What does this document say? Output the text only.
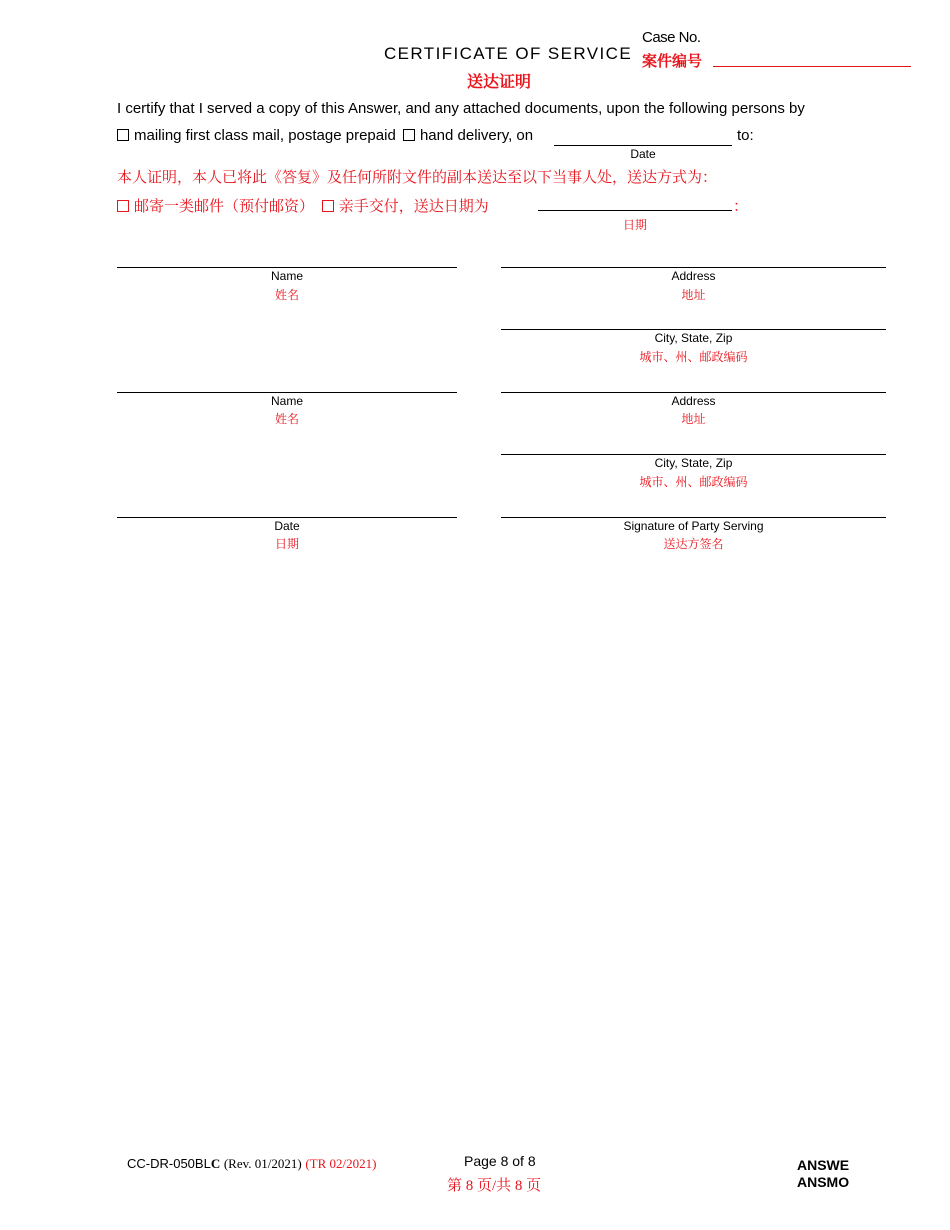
CERTIFICATE OF SERVICE
送达证明
Case No.
案件编号
I certify that I served a copy of this Answer, and any attached documents, upon the following persons by
mailing first class mail, postage prepaid hand delivery, on	to:
Date
本人证明，本人已将此《答复》及任何所附文件的副本送达至以下当事人处，送达方式为：
邮寄一类邮件（预付邮资） 亲手交付，送达日期为	：
日期
Name
姓名
Address
地址
City, State, Zip
城市、州、邮政编码
Name
姓名
Address
地址
City, State, Zip
城市、州、邮政编码
Date
日期
Signature of Party Serving
送达方签名
CC-DR-050BLC (Rev. 01/2021) (TR 02/2021)	Page 8 of 8
第 8 页/共 8 页
ANSWE
ANSMO
